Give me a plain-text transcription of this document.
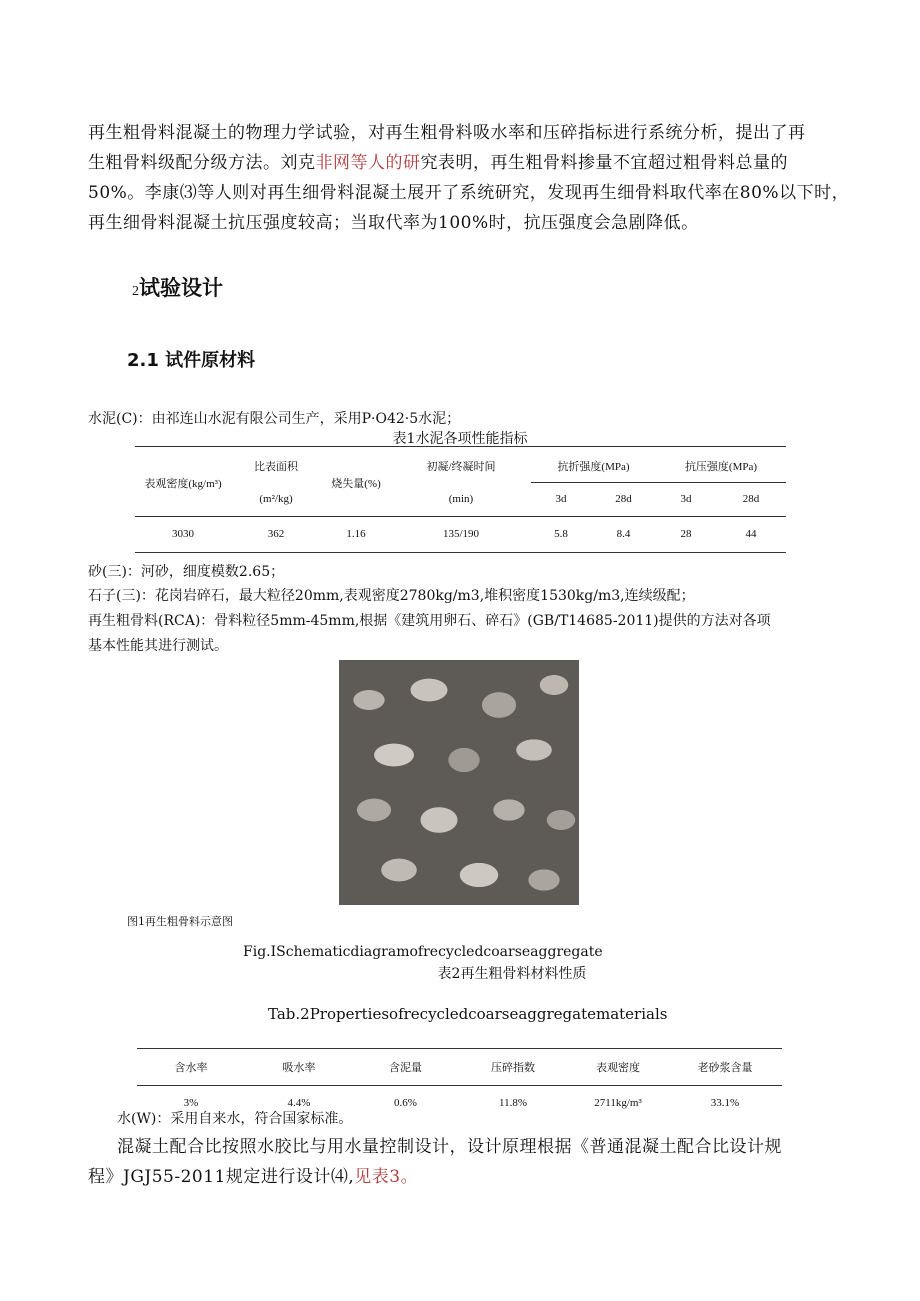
再生粗骨料混凝土的物理力学试验，对再生粗骨料吸水率和压碎指标进行系统分析，提出了再
生粗骨料级配分级方法。刘克非网等人的研究表明，再生粗骨料掺量不宜超过粗骨料总量的
50%。李康⑶等人则对再生细骨料混凝土展开了系统研究，发现再生细骨料取代率在80%以下时，
再生细骨料混凝土抗压强度较高；当取代率为100%时，抗压强度会急剧降低。
2试验设计
2.1 试件原材料
水泥(C)：由祁连山水泥有限公司生产，采用P·O42·5水泥；
表1水泥各项性能指标
表观密度(kg/m³)	比表面积	烧失量(%)	初凝/终凝时间	抗折强度(MPa)		抗压强度(MPa)	
	(m²/kg)		(min)	3d	28d	3d	28d
3030	362	1.16	135/190	5.8	8.4	28	44
砂(三)：河砂，细度模数2.65；
石子(三)：花岗岩碎石，最大粒径20mm,表观密度2780kg/m3,堆积密度1530kg/m3,连续级配；
再生粗骨料(RCA)：骨料粒径5mm-45mm,根据《建筑用卵石、碎石》(GB/T14685-2011)提供的方法对各项
基本性能其进行测试。
图1再生粗骨料示意图
Fig.ISchematicdiagramofrecycledcoarseaggregate
表2再生粗骨料材料性质
Tab.2Propertiesofrecycledcoarseaggregatematerials
含水率	吸水率	含泥量	压碎指数	表观密度	老砂浆含量
3%	4.4%	0.6%	11.8%	2711kg/m³	33.1%
水(W)：采用自来水，符合国家标准。
混凝土配合比按照水胶比与用水量控制设计，设计原理根据《普通混凝土配合比设计规
程》JGJ55-2011规定进行设计⑷,见表3。
